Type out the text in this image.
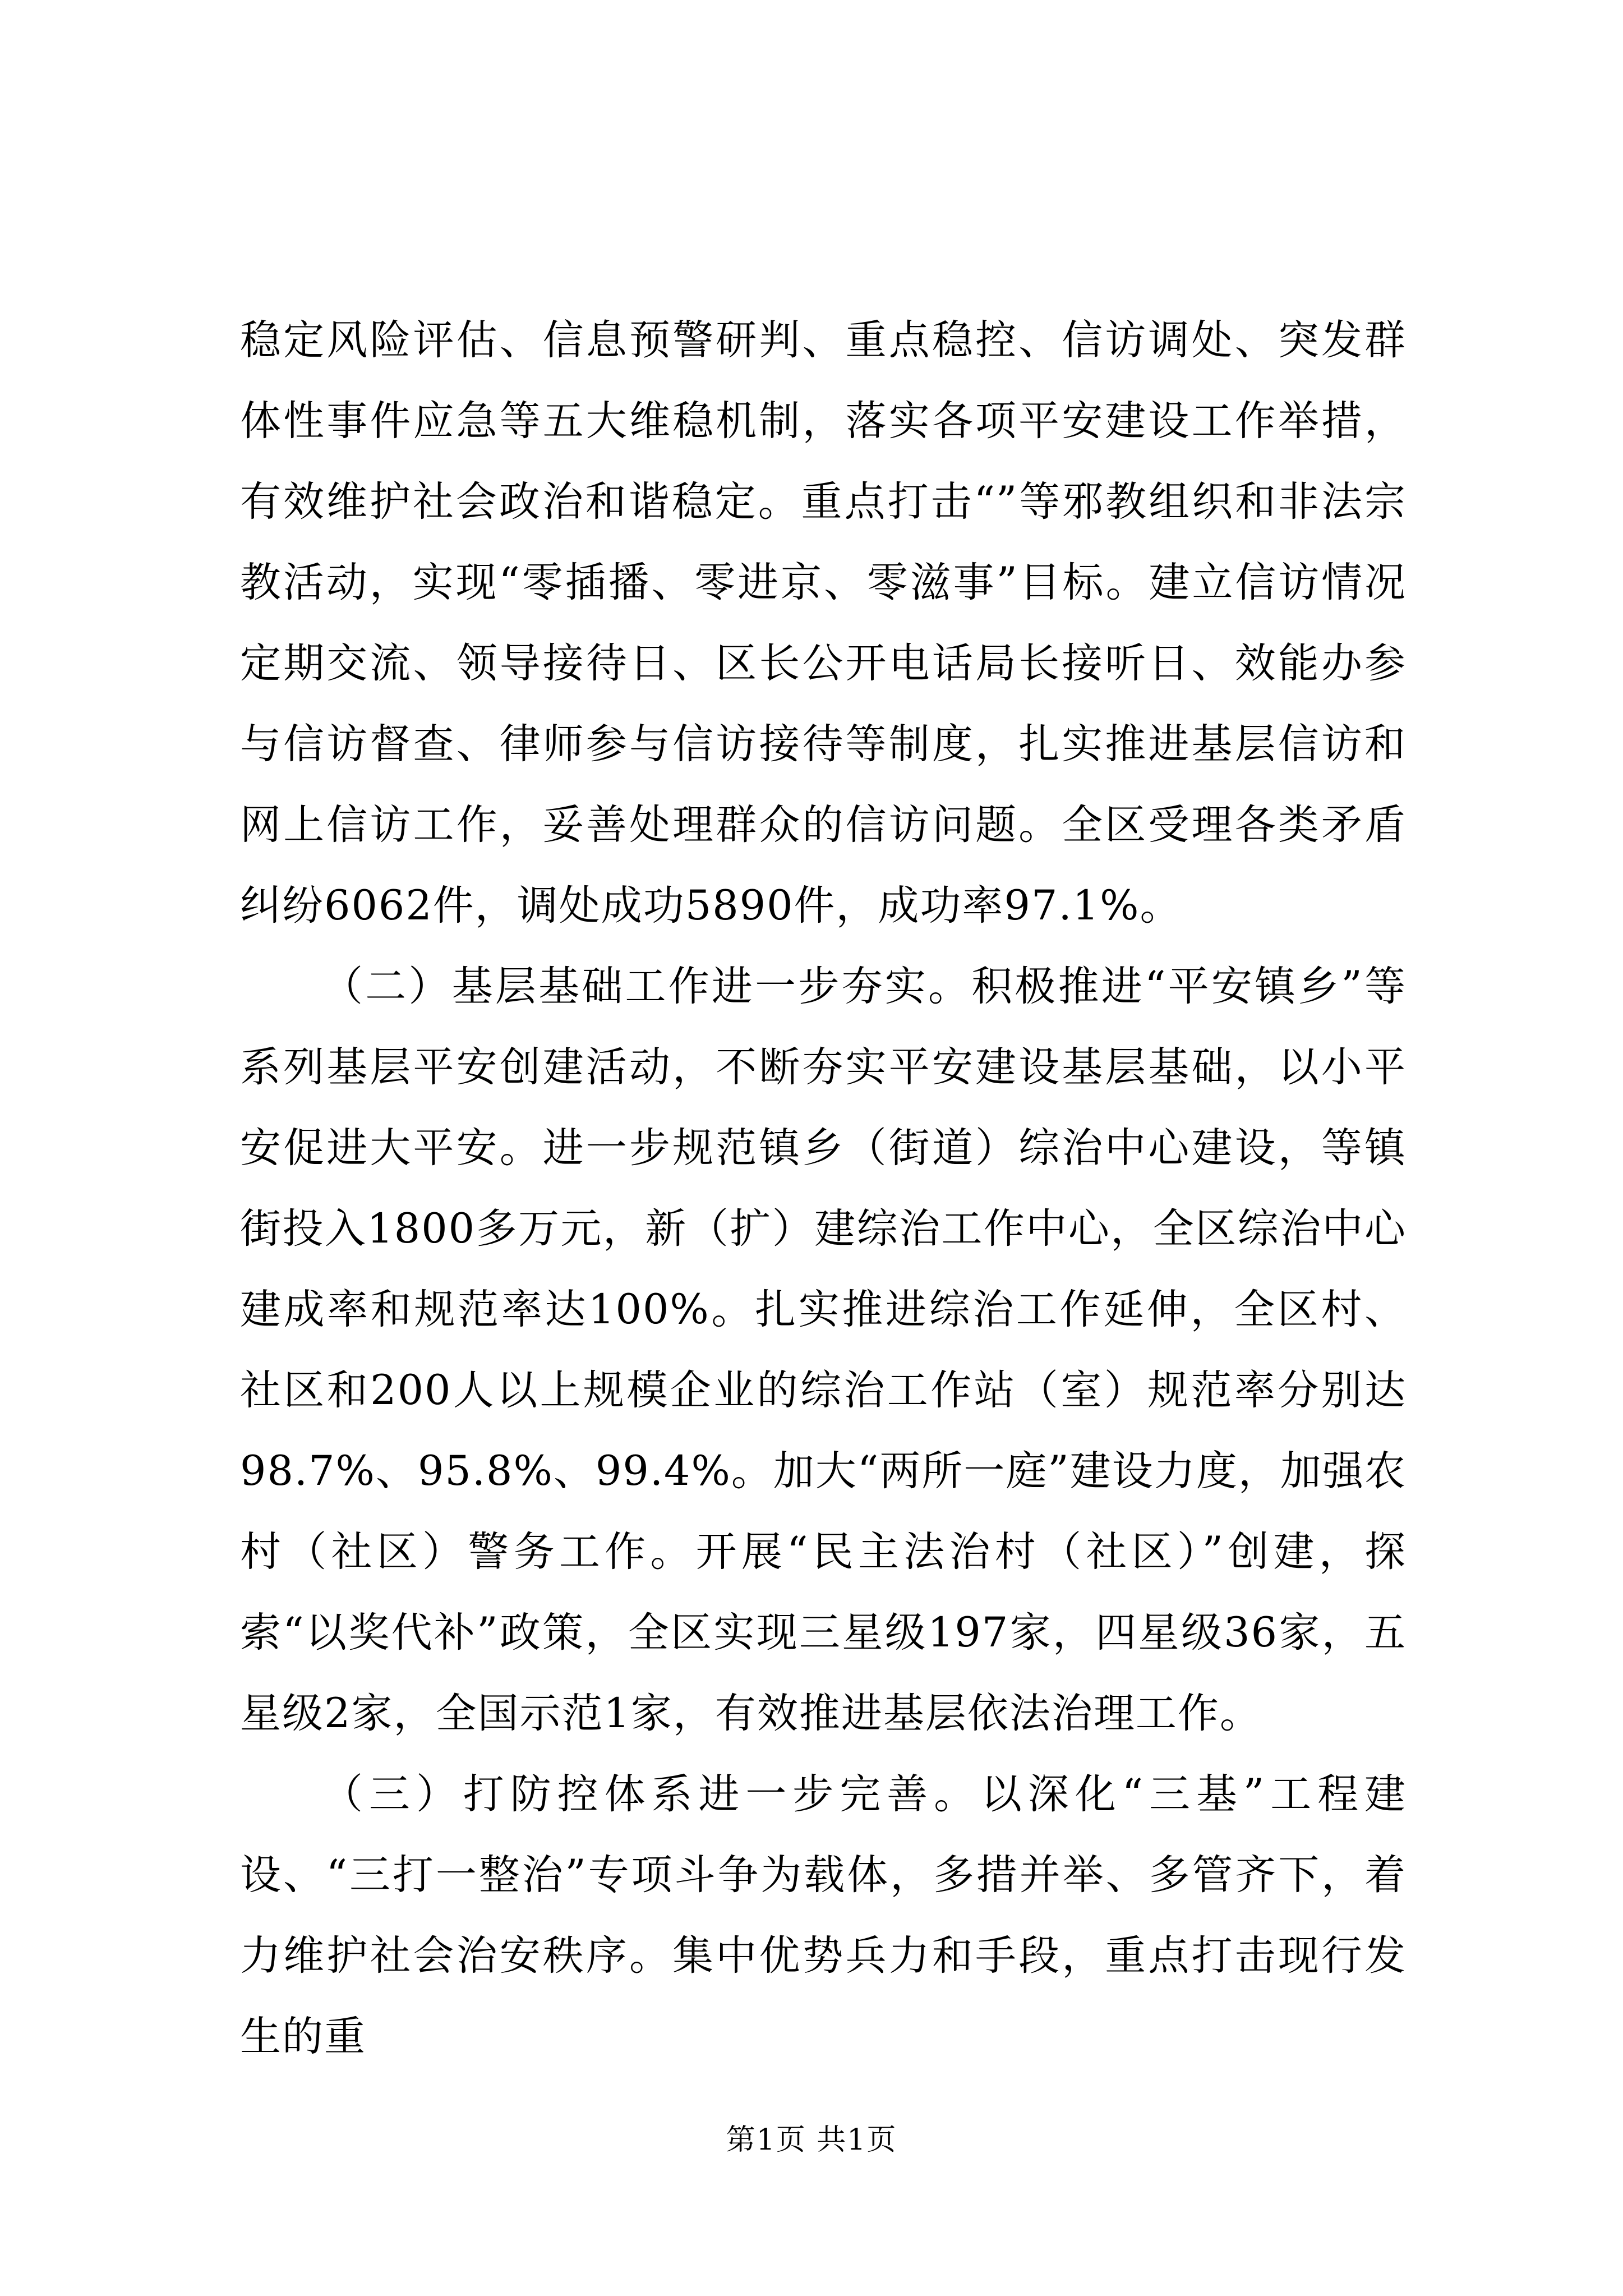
稳定风险评估、信息预警研判、重点稳控、信访调处、突发群体性事件应急等五大维稳机制，落实各项平安建设工作举措，有效维护社会政治和谐稳定。重点打击“”等邪教组织和非法宗教活动，实现“零插播、零进京、零滋事”目标。建立信访情况定期交流、领导接待日、区长公开电话局长接听日、效能办参与信访督查、律师参与信访接待等制度，扎实推进基层信访和网上信访工作，妥善处理群众的信访问题。全区受理各类矛盾纠纷6062件，调处成功5890件，成功率97.1%。

（二）基层基础工作进一步夯实。积极推进“平安镇乡”等系列基层平安创建活动，不断夯实平安建设基层基础，以小平安促进大平安。进一步规范镇乡（街道）综治中心建设，等镇街投入1800多万元，新（扩）建综治工作中心，全区综治中心建成率和规范率达100%。扎实推进综治工作延伸，全区村、社区和200人以上规模企业的综治工作站（室）规范率分别达98.7%、95.8%、99.4%。加大“两所一庭”建设力度，加强农村（社区）警务工作。开展“民主法治村（社区）”创建，探索“以奖代补”政策，全区实现三星级197家，四星级36家，五星级2家，全国示范1家，有效推进基层依法治理工作。

（三）打防控体系进一步完善。以深化“三基”工程建设、“三打一整治”专项斗争为载体，多措并举、多管齐下，着力维护社会治安秩序。集中优势兵力和手段，重点打击现行发生的重

第1页 共1页
